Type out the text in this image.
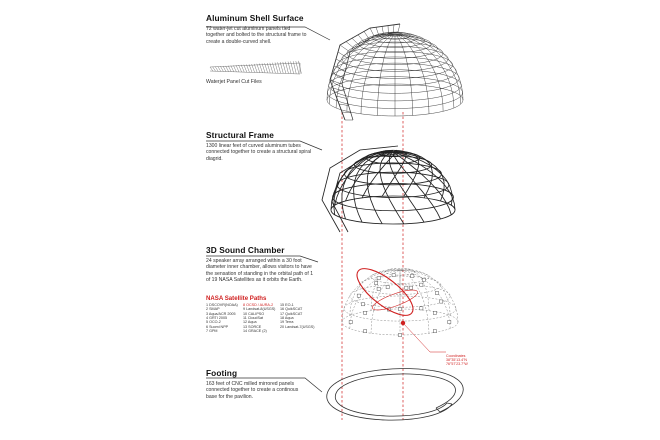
Aluminum Shell Surface
72 water-jet cut aluminum panels tied together and bolted to the structural frame to create a double-curved shell.
Waterjet Panel Cut Files
Structural Frame
1300 linear feet of curved aluminum tubes connected together to create a structural spiral diagrid.
3D Sound Chamber
24 speaker array arranged within a 30 foot diameter inner chamber, allows visitors to have the sensation of standing in the orbital path of 1 of 19 NASA Satellites as it orbits the Earth.
NASA Satellite Paths
1 DSCOVR(NOAA)
2 SMAP
3 Aqua/ACR 2005
4 GRTI 2005
5 OCO-2
6 Suomi NPP
7 GPM
8 OCSD / AURA-2
9 Landsat-8(USGS)
10 CALIPSO
11 CloudSat
12 Aqua
13 SORCE
14 GRACE (2)
15 EO-1
16 QuikSCAT
17 QuikSCAT
18 Aqua
19 Terra
20 Landsat-7(USGS)
Coordinates
38°35'13.4"N
76°57'23.7"W
Footing
163 feet of CNC milled mirrored panels connected together to create a continous base for the pavilion.
